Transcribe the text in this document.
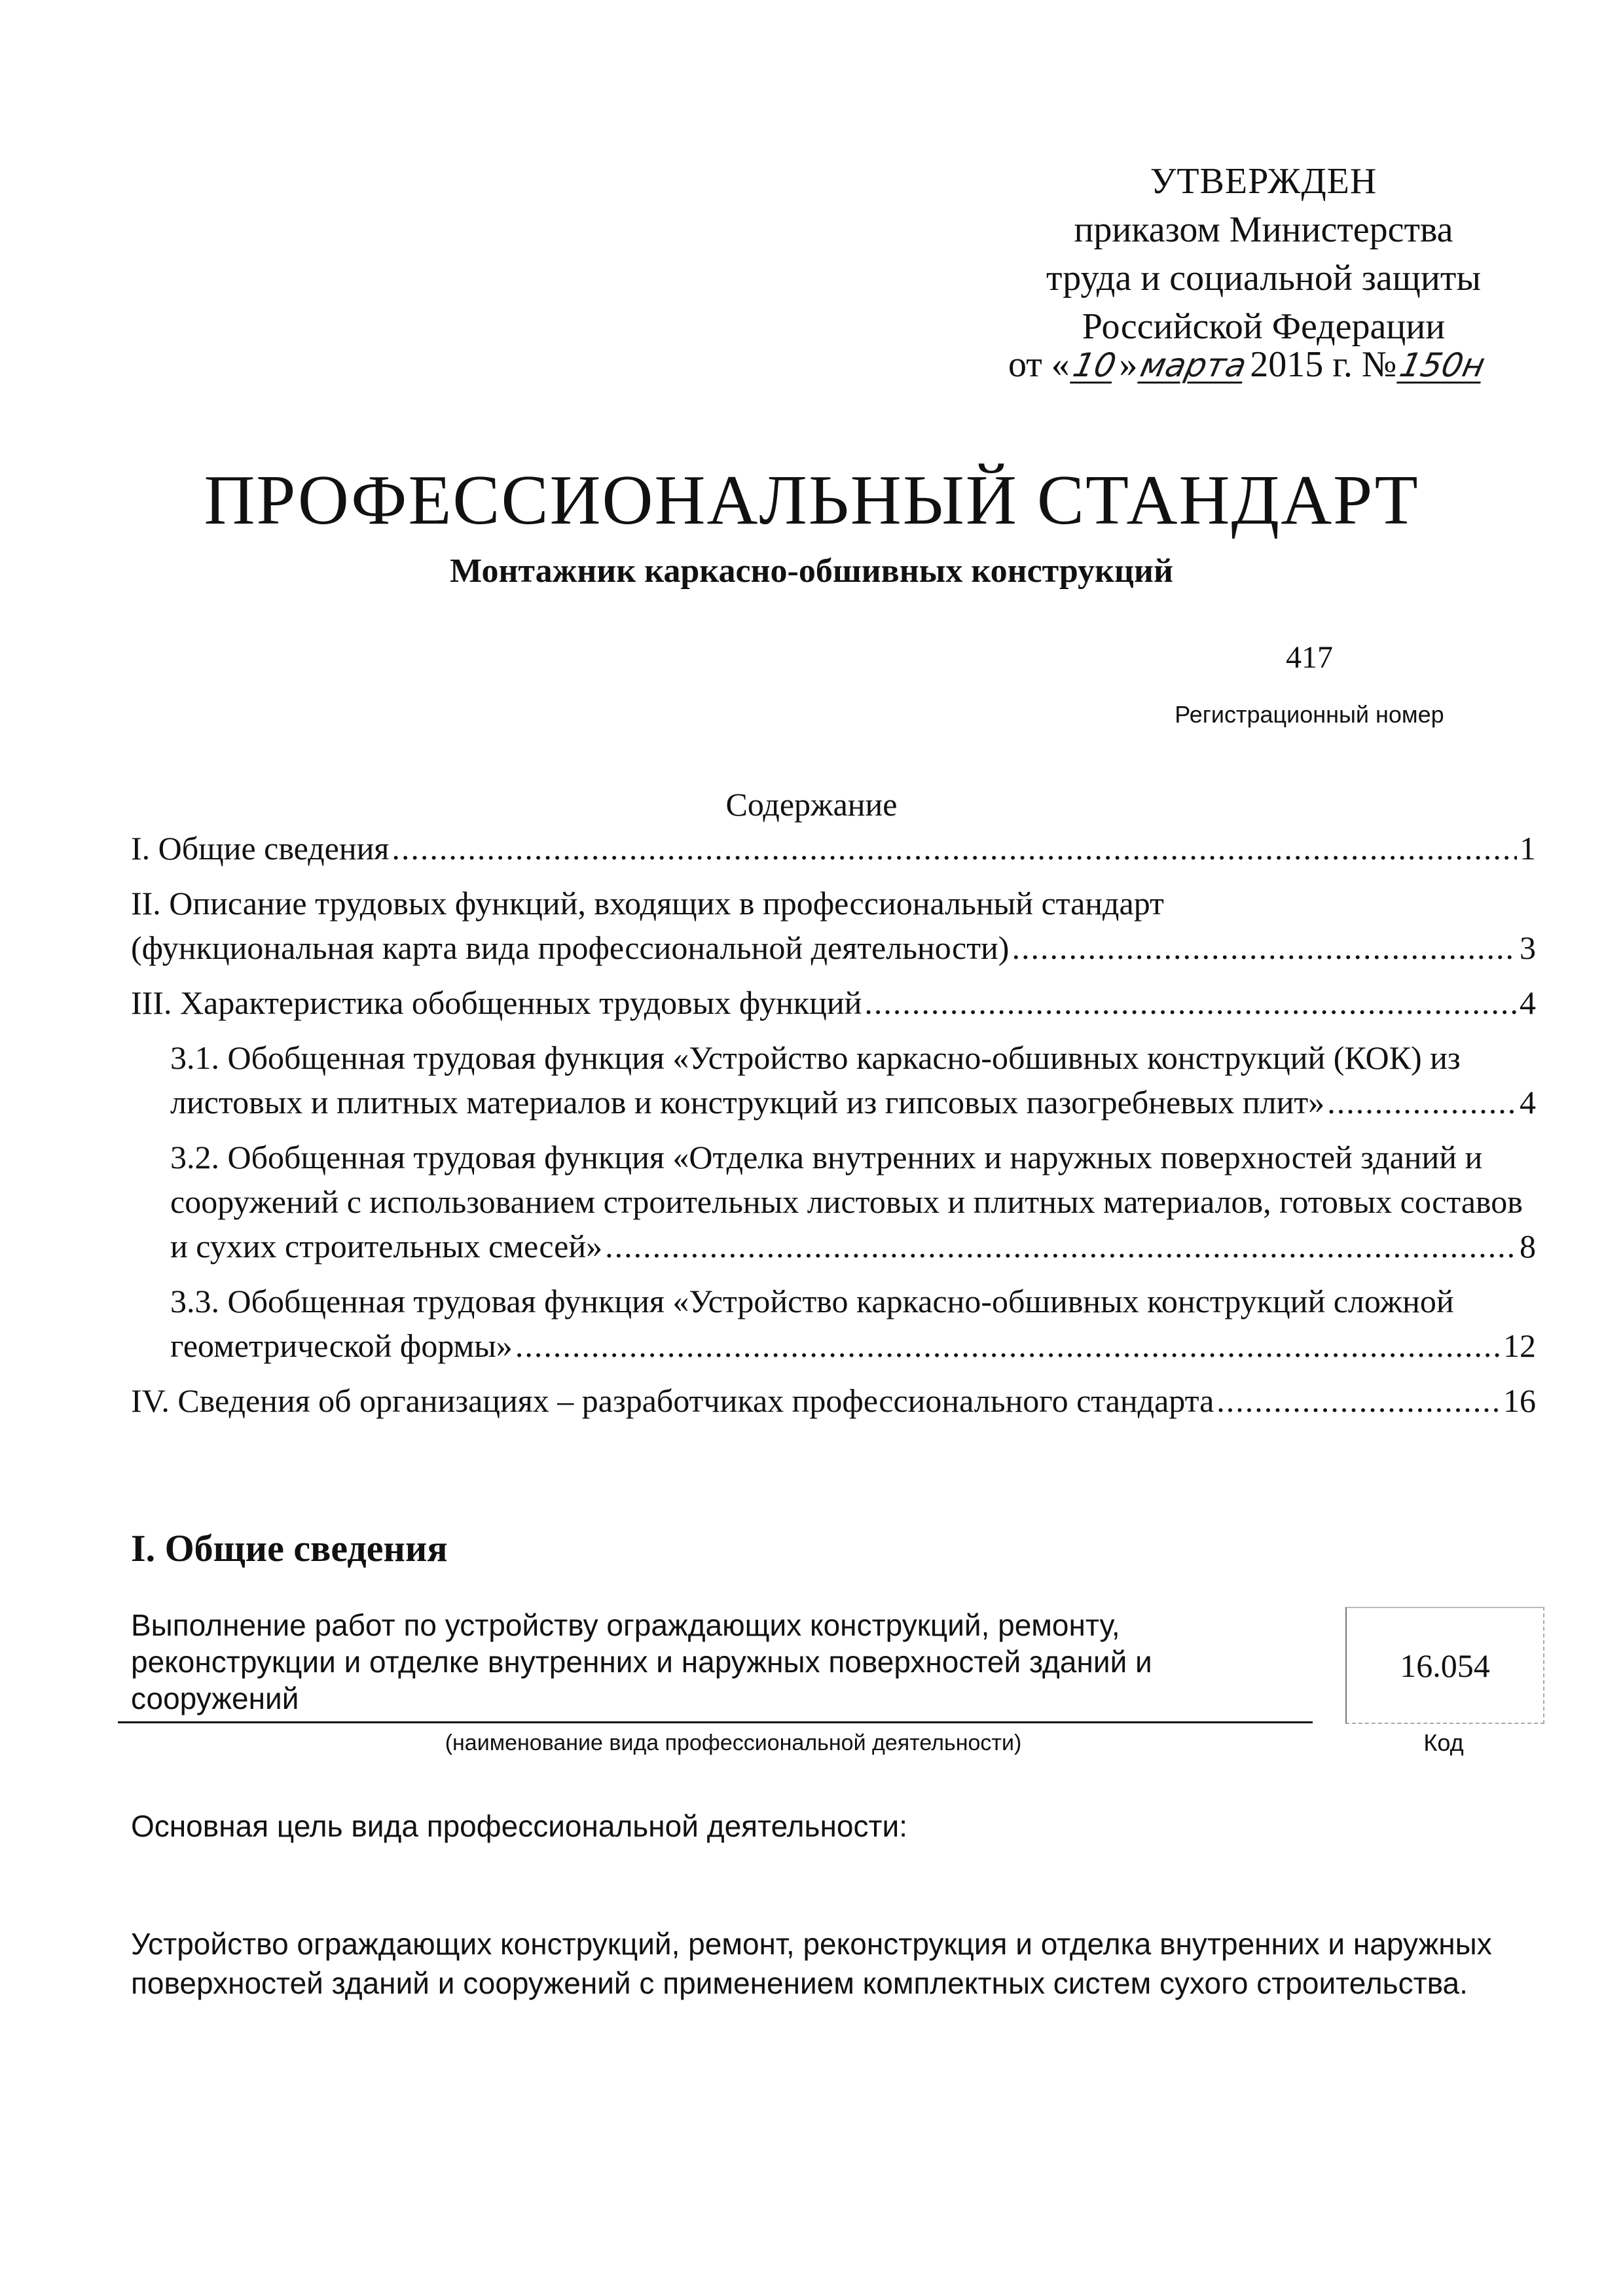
УТВЕРЖДЕН
приказом Министерства
труда и социальной защиты
Российской Федерации
от «10»марта2015 г. №150н
ПРОФЕССИОНАЛЬНЫЙ СТАНДАРТ
Монтажник каркасно-обшивных конструкций
417
Регистрационный номер
Содержание
I. Общие сведения .....	1
II. Описание трудовых функций, входящих в профессиональный стандарт
(функциональная карта вида профессиональной деятельности) .....	3
III. Характеристика обобщенных трудовых функций .....	4
3.1. Обобщенная трудовая функция «Устройство каркасно-обшивных конструкций (КОК) из
листовых и плитных материалов и конструкций из гипсовых пазогребневых плит» .....	4
3.2. Обобщенная трудовая функция «Отделка внутренних и наружных поверхностей зданий и
сооружений с использованием строительных листовых и плитных материалов, готовых составов
и сухих строительных смесей» .....	8
3.3. Обобщенная трудовая функция «Устройство каркасно-обшивных конструкций сложной
геометрической формы» .....	12
IV. Сведения об организациях – разработчиках профессионального стандарта .....	16
I. Общие сведения
Выполнение работ по устройству ограждающих конструкций, ремонту,
реконструкции и отделке внутренних и наружных поверхностей зданий и
сооружений
(наименование вида профессиональной деятельности)
16.054
Код
Основная цель вида профессиональной деятельности:
Устройство ограждающих конструкций, ремонт, реконструкция и отделка внутренних и наружных
поверхностей зданий и сооружений с применением комплектных систем сухого строительства.
